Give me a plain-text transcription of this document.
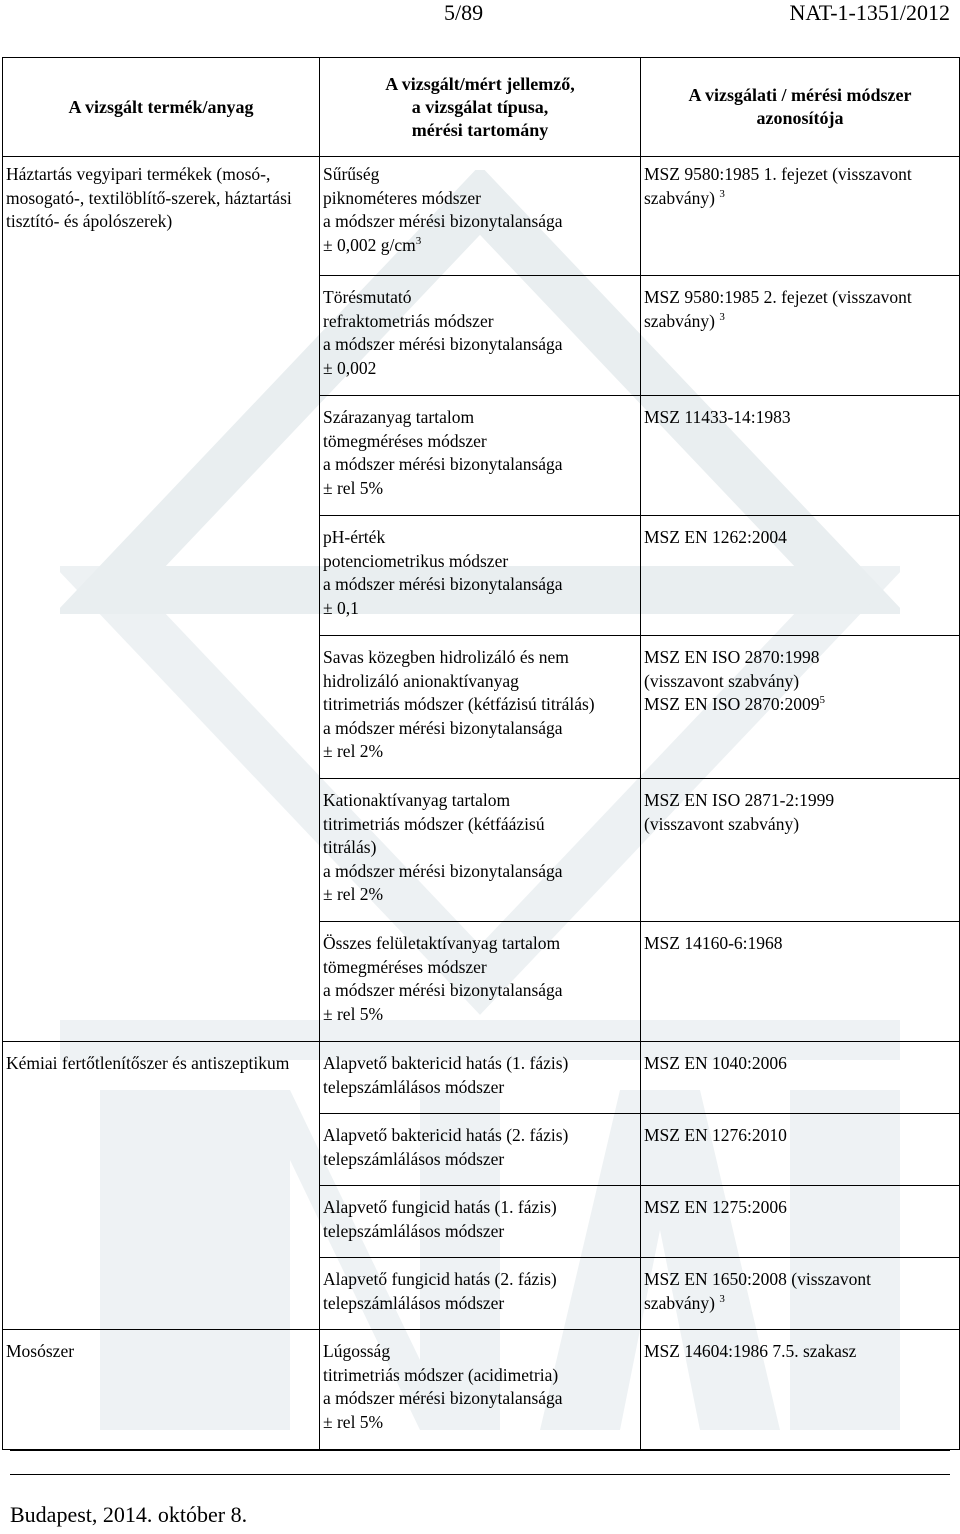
5/89	NAT-1-1351/2012
A vizsgált termék/anyag	A vizsgált/mért jellemző,
a vizsgálat típusa,
mérési tartomány	A vizsgálati / mérési módszer
azonosítója
Háztartás vegyipari termékek (mosó-, mosogató-, textilöblítő-szerek, háztartási tisztító- és ápolószerek)	Sűrűség
piknométeres módszer
a módszer mérési bizonytalansága
± 0,002 $g/cm^3$	MSZ 9580:1985 1. fejezet (visszavont szabvány) $^3$

	Törésmutató
refraktometriás módszer
a módszer mérési bizonytalansága
± 0,002	MSZ 9580:1985 2. fejezet (visszavont szabvány) $^3$

	Szárazanyag tartalom
tömegméréses módszer
a módszer mérési bizonytalansága
± rel 5%	MSZ 11433-14:1983

	pH-érték
potenciometrikus módszer
a módszer mérési bizonytalansága
± 0,1	MSZ EN 1262:2004

	Savas közegben hidrolizáló és nem
hidrolizáló anionaktívanyag
titrimetriás módszer (kétfázisú titrálás)
a módszer mérési bizonytalansága
± rel 2%	MSZ EN ISO 2870:1998
(visszavont szabvány)
MSZ EN ISO 2870:2009$^5$

	Kationaktívanyag tartalom
titrimetriás módszer (kétfáázisú
titrálás)
a módszer mérési bizonytalansága
± rel 2%	MSZ EN ISO 2871-2:1999
(visszavont szabvány)

	Összes felületaktívanyag tartalom
tömegméréses módszer
a módszer mérési bizonytalansága
± rel 5%	MSZ 14160-6:1968
Kémiai fertőtlenítőszer és antiszeptikum	Alapvető baktericid hatás (1. fázis)
telepszámlálásos módszer	MSZ EN 1040:2006

	Alapvető baktericid hatás (2. fázis)
telepszámlálásos módszer	MSZ EN 1276:2010

	Alapvető fungicid hatás (1. fázis)
telepszámlálásos módszer	MSZ EN 1275:2006

	Alapvető fungicid hatás (2. fázis)
telepszámlálásos módszer	MSZ EN 1650:2008 (visszavont szabvány) $^3$
Mosószer	Lúgosság
titrimetriás módszer (acidimetria)
a módszer mérési bizonytalansága
± rel 5%	MSZ 14604:1986 7.5. szakasz
Budapest, 2014. október 8.
